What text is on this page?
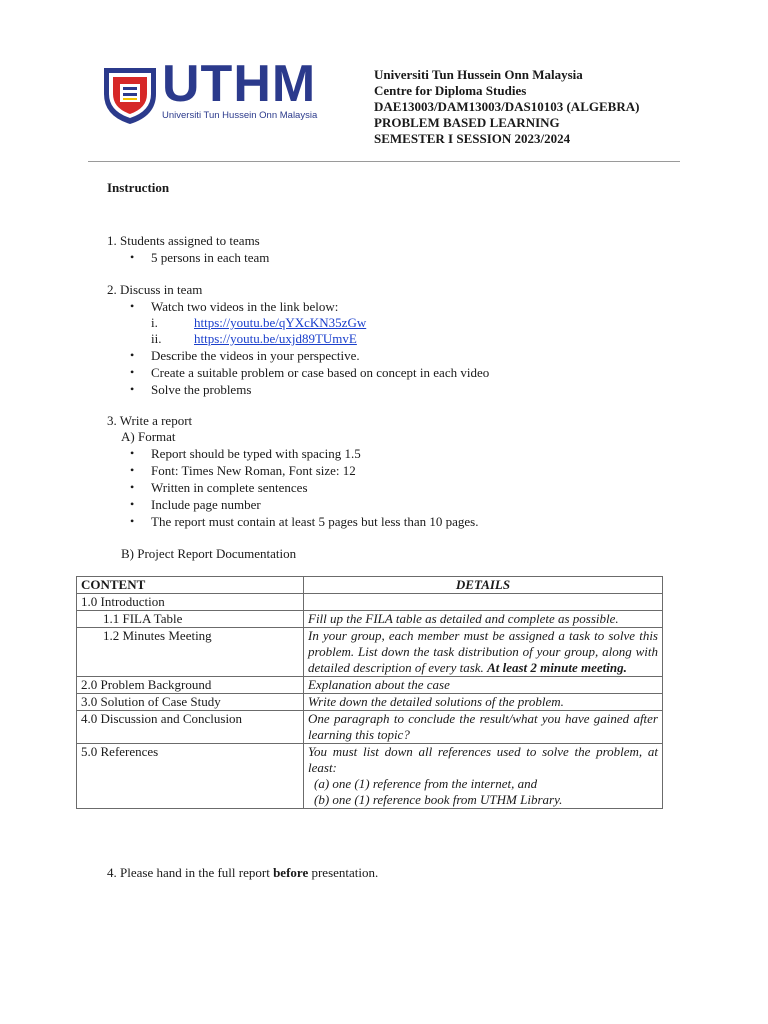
UTHM
Universiti Tun Hussein Onn Malaysia
Universiti Tun Hussein Onn Malaysia
Centre for Diploma Studies
DAE13003/DAM13003/DAS10103 (ALGEBRA)
PROBLEM BASED LEARNING
SEMESTER I SESSION 2023/2024
Instruction
1. Students assigned to teams
• 5 persons in each team
2. Discuss in team
• Watch two videos in the link below:
i.	https://youtu.be/qYXcKN35zGw
ii.	https://youtu.be/uxjd89TUmvE
• Describe the videos in your perspective.
• Create a suitable problem or case based on concept in each video
• Solve the problems
3. Write a report
A) Format
• Report should be typed with spacing 1.5
• Font: Times New Roman, Font size: 12
• Written in complete sentences
• Include page number
• The report must contain at least 5 pages but less than 10 pages.
B) Project Report Documentation
CONTENT	DETAILS
1.0 Introduction	
1.1 FILA Table	Fill up the FILA table as detailed and complete as possible.
1.2 Minutes Meeting	In your group, each member must be assigned a task to solve this problem. List down the task distribution of your group, along with detailed description of every task. At least 2 minute meeting.
2.0 Problem Background	Explanation about the case
3.0 Solution of Case Study	Write down the detailed solutions of the problem.
4.0 Discussion and Conclusion	One paragraph to conclude the result/what you have gained after learning this topic?
5.0 References	You must list down all references used to solve the problem, at least:
(a) one (1) reference from the internet, and
(b) one (1) reference book from UTHM Library.
4. Please hand in the full report before presentation.
